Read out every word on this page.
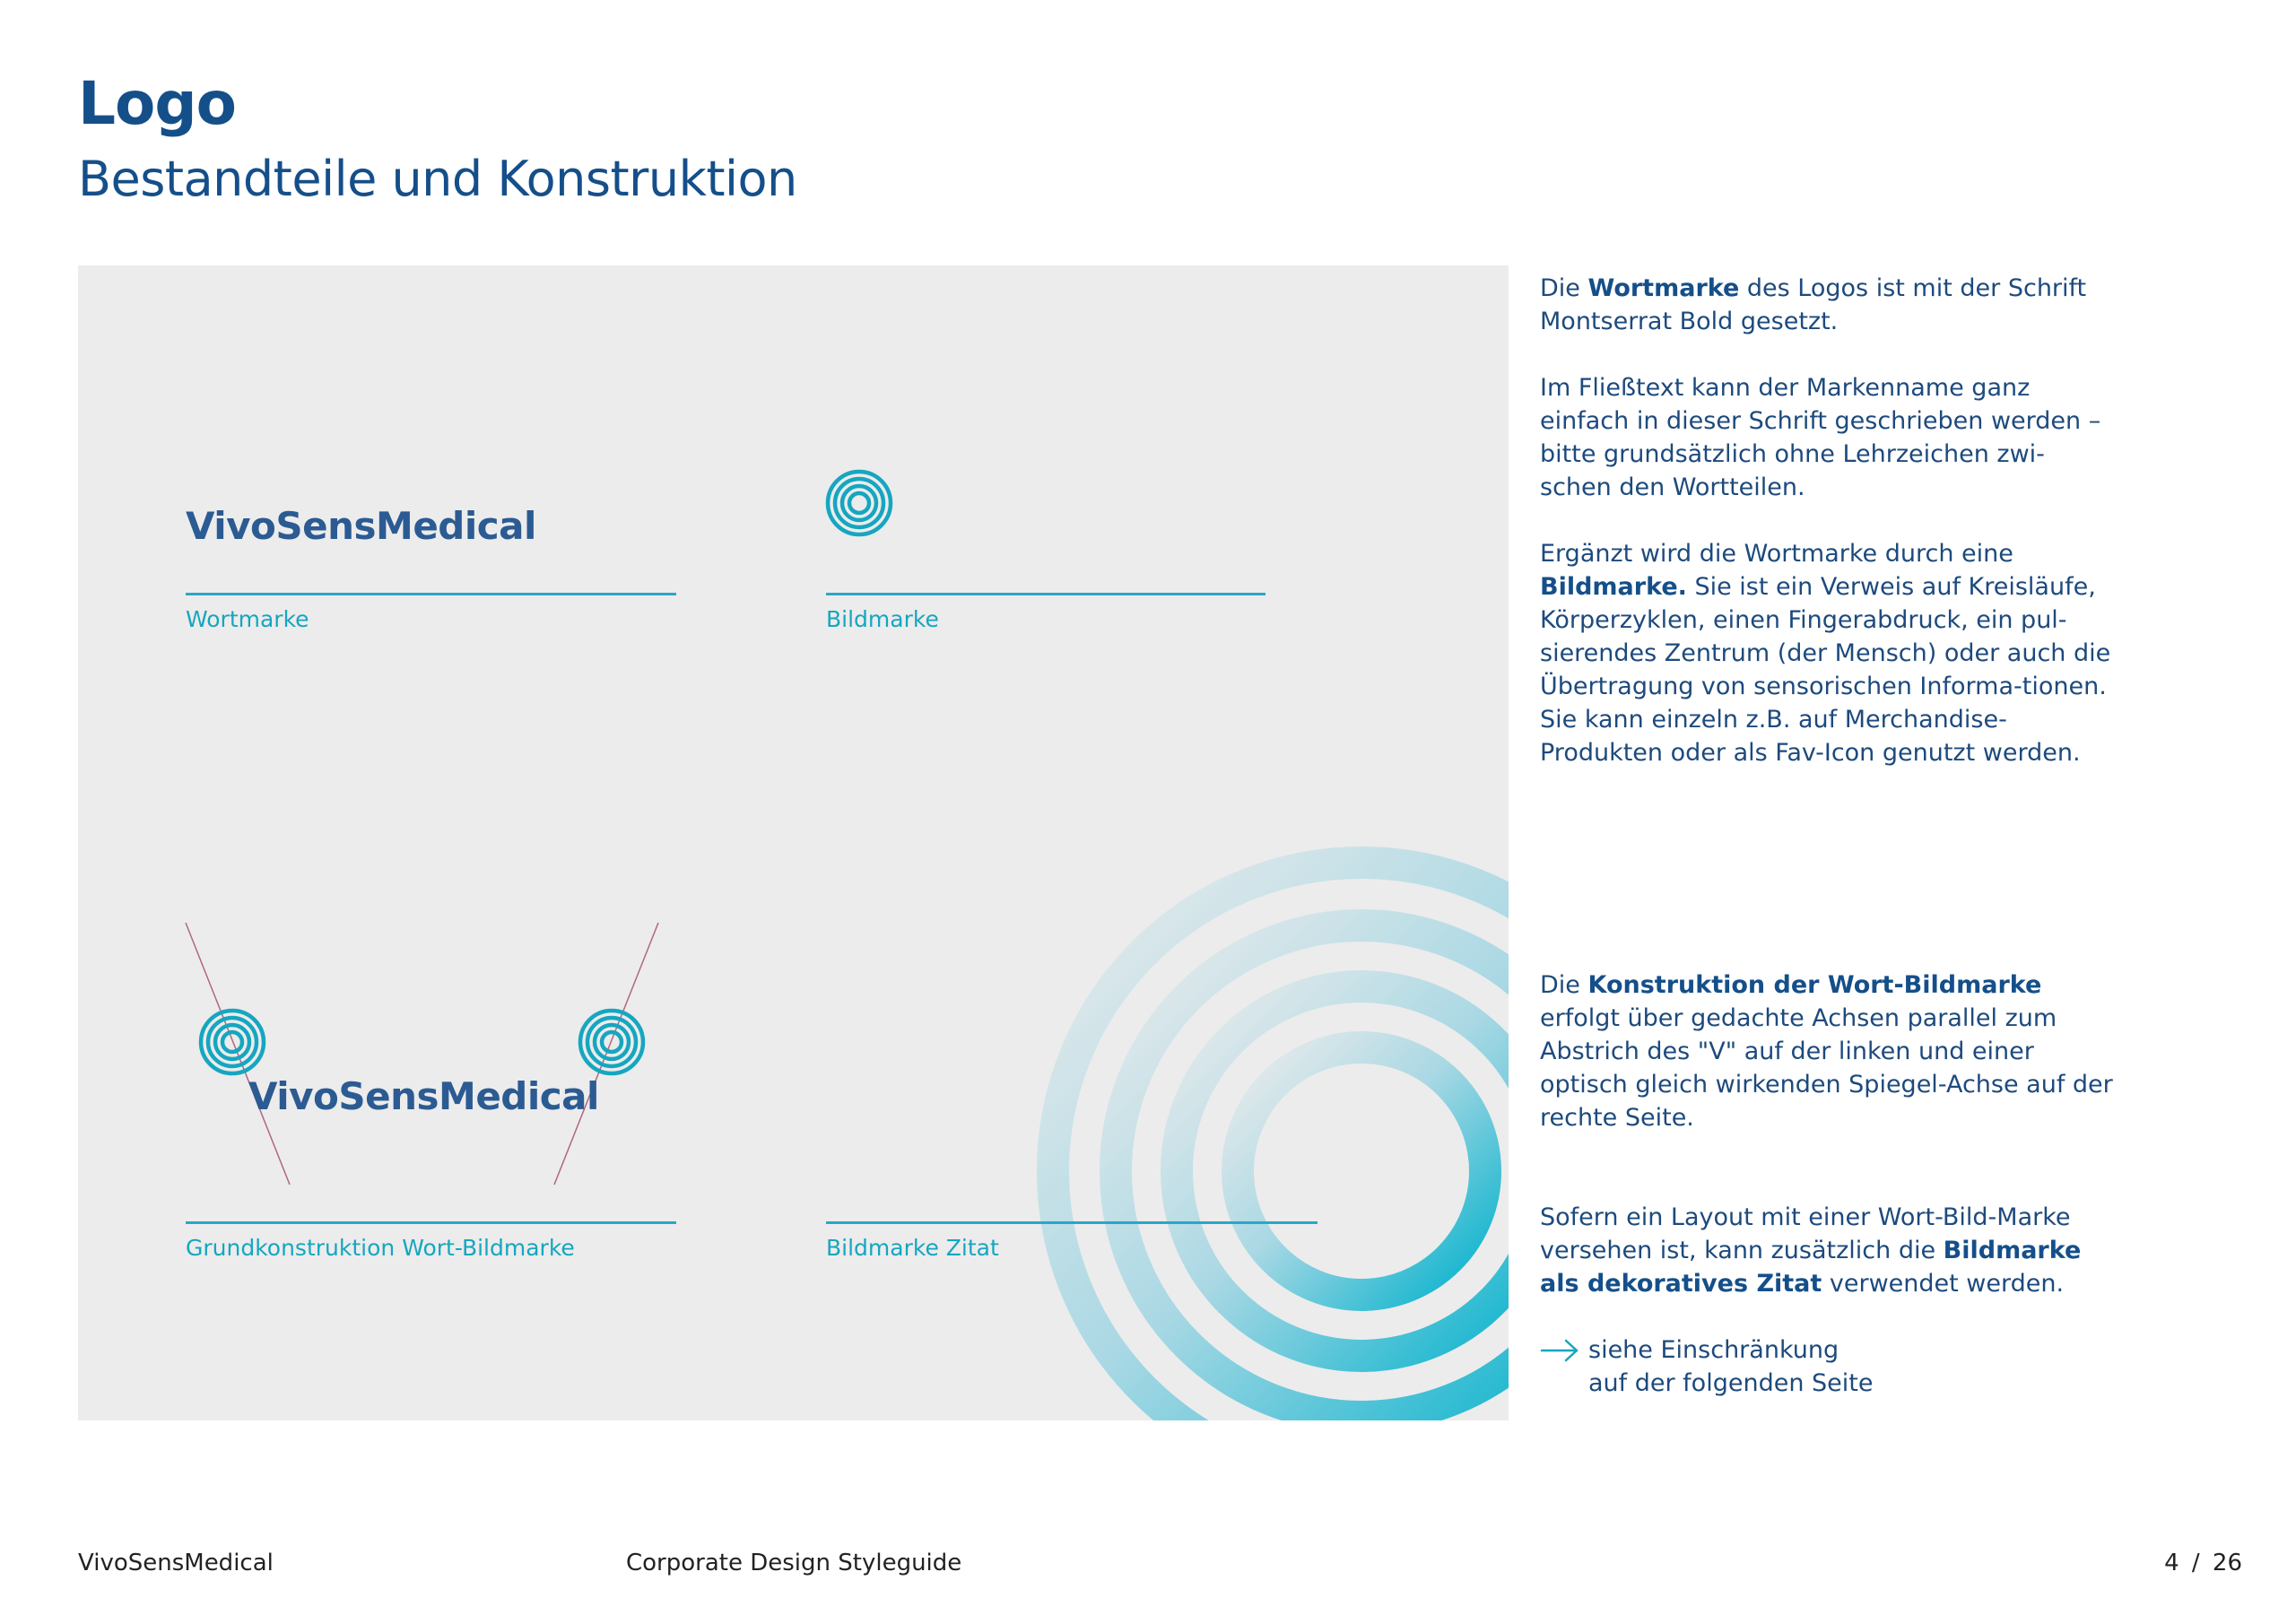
Logo
Bestandteile und Konstruktion
VivoSensMedical
Wortmarke	Bildmarke
VivoSensMedical
Grundkonstruktion Wort-Bildmarke	Bildmarke Zitat

Die Wortmarke des Logos ist mit der Schrift Montserrat Bold gesetzt.

Im Fließtext kann der Markenname ganz einfach in dieser Schrift geschrieben werden – bitte grundsätzlich ohne Lehrzeichen zwi-schen den Wortteilen.

Ergänzt wird die Wortmarke durch eine Bildmarke. Sie ist ein Verweis auf Kreisläufe, Körperzyklen, einen Fingerabdruck, ein pul-sierendes Zentrum (der Mensch) oder auch die Übertragung von sensorischen Informa-tionen.
Sie kann einzeln z.B. auf Merchandise-Produkten oder als Fav-Icon genutzt werden.

Die Konstruktion der Wort-Bildmarke erfolgt über gedachte Achsen parallel zum Abstrich des "V" auf der linken und einer optisch gleich wirkenden Spiegel-Achse auf der rechte Seite.

Sofern ein Layout mit einer Wort-Bild-Marke versehen ist, kann zusätzlich die Bildmarke als dekoratives Zitat verwendet werden.

siehe Einschränkung
auf der folgenden Seite
VivoSensMedical	Corporate Design Styleguide	4 / 26
